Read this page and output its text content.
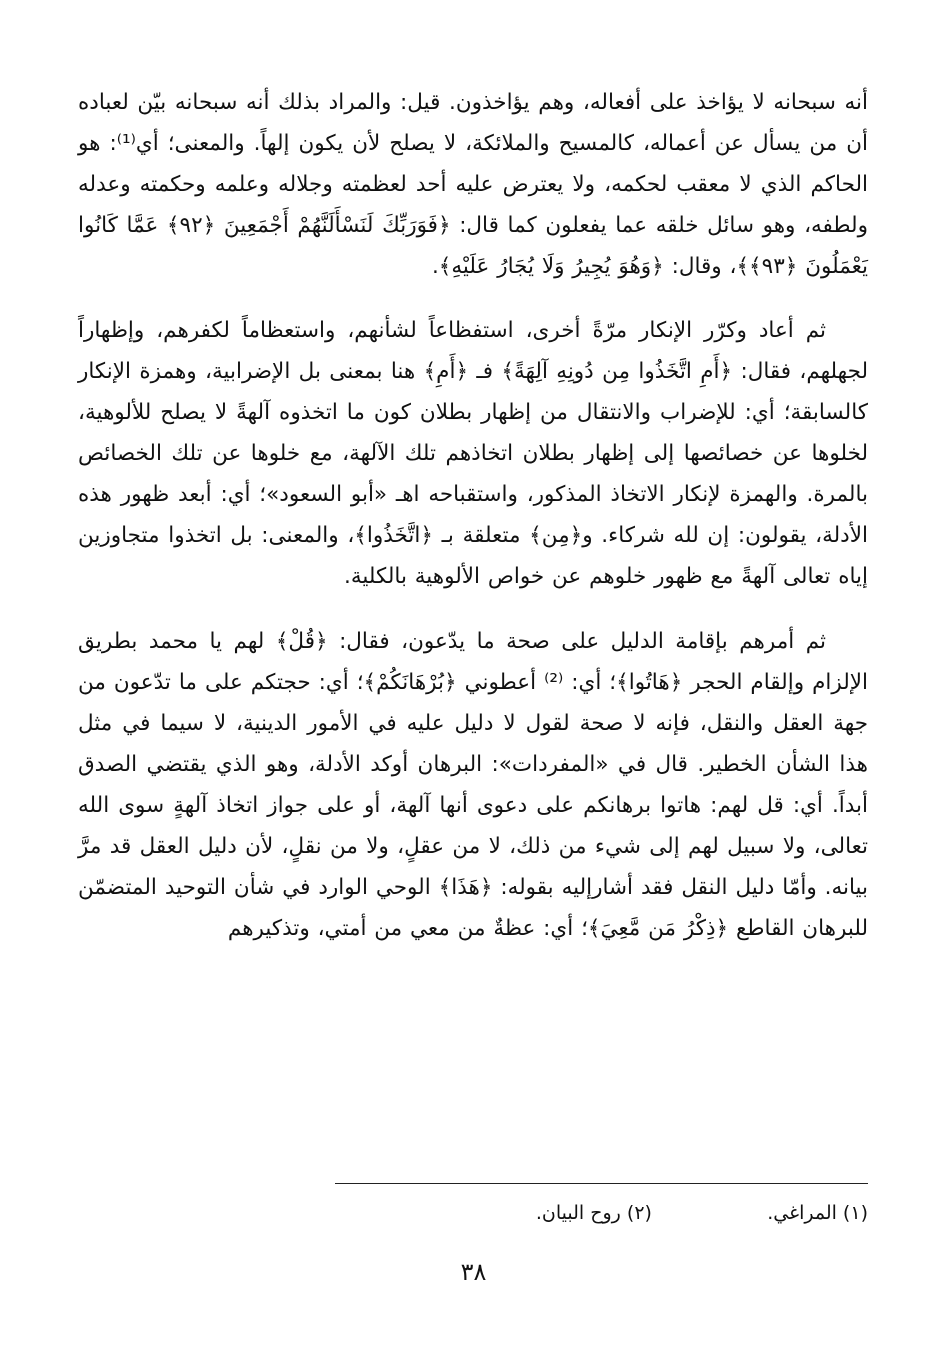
أنه سبحانه لا يؤاخذ على أفعاله، وهم يؤاخذون. قيل: والمراد بذلك أنه سبحانه بيّن لعباده أن من يسأل عن أعماله، كالمسيح والملائكة، لا يصلح لأن يكون إلهاً. والمعنى؛ أي⁽¹⁾: هو الحاكم الذي لا معقب لحكمه، ولا يعترض عليه أحد لعظمته وجلاله وعلمه وحكمته وعدله ولطفه، وهو سائل خلقه عما يفعلون كما قال: ﴿فَوَرَبِّكَ لَنَسْأَلَنَّهُمْ أَجْمَعِينَ ﴿٩٢﴾ عَمَّا كَانُوا يَعْمَلُونَ ﴿٩٣﴾﴾، وقال: ﴿وَهُوَ يُجِيرُ وَلَا يُجَارُ عَلَيْهِ﴾.

ثم أعاد وكرّر الإنكار مرّةً أخرى، استفظاعاً لشأنهم، واستعظاماً لكفرهم، وإظهاراً لجهلهم، فقال: ﴿أَمِ اتَّخَذُوا مِن دُونِهِ آلِهَةً﴾ فـ ﴿أَمِ﴾ هنا بمعنى بل الإضرابية، وهمزة الإنكار كالسابقة؛ أي: للإضراب والانتقال من إظهار بطلان كون ما اتخذوه آلهةً لا يصلح للألوهية، لخلوها عن خصائصها إلى إظهار بطلان اتخاذهم تلك الآلهة، مع خلوها عن تلك الخصائص بالمرة. والهمزة لإنكار الاتخاذ المذكور، واستقباحه اهـ «أبو السعود»؛ أي: أبعد ظهور هذه الأدلة، يقولون: إن لله شركاء. و﴿مِن﴾ متعلقة بـ ﴿اتَّخَذُوا﴾، والمعنى: بل اتخذوا متجاوزين إياه تعالى آلهةً مع ظهور خلوهم عن خواص الألوهية بالكلية.

ثم أمرهم بإقامة الدليل على صحة ما يدّعون، فقال: ﴿قُلْ﴾ لهم يا محمد بطريق الإلزام وإلقام الحجر ﴿هَاتُوا﴾؛ أي: ⁽²⁾ أعطوني ﴿بُرْهَانَكُمْ﴾؛ أي: حجتكم على ما تدّعون من جهة العقل والنقل، فإنه لا صحة لقول لا دليل عليه في الأمور الدينية، لا سيما في مثل هذا الشأن الخطير. قال في «المفردات»: البرهان أوكد الأدلة، وهو الذي يقتضي الصدق أبداً. أي: قل لهم: هاتوا برهانكم على دعوى أنها آلهة، أو على جواز اتخاذ آلهةٍ سوى الله تعالى، ولا سبيل لهم إلى شيء من ذلك، لا من عقلٍ، ولا من نقلٍ، لأن دليل العقل قد مرَّ بيانه. وأمّا دليل النقل فقد أشارإليه بقوله: ﴿هَذَا﴾ الوحي الوارد في شأن التوحيد المتضمّن للبرهان القاطع ﴿ذِكْرُ مَن مَّعِيَ﴾؛ أي: عظةٌ من معي من أمتي، وتذكيرهم

(١) المراغي. (٢) روح البيان.
٣٨
